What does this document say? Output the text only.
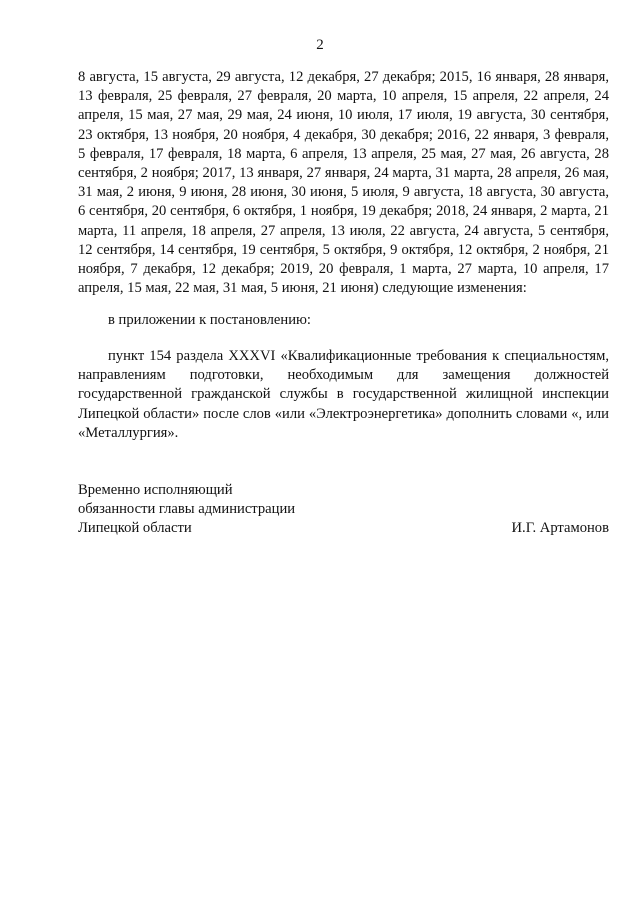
2

8 августа, 15 августа, 29 августа, 12 декабря, 27 декабря; 2015, 16 января, 28 января, 13 февраля, 25 февраля, 27 февраля, 20 марта, 10 апреля, 15 апреля, 22 апреля, 24 апреля, 15 мая, 27 мая, 29 мая, 24 июня, 10 июля, 17 июля, 19 августа, 30 сентября, 23 октября, 13 ноября, 20 ноября, 4 декабря, 30 декабря; 2016, 22 января, 3 февраля, 5 февраля, 17 февраля, 18 марта, 6 апреля, 13 апреля, 25 мая, 27 мая, 26 августа, 28 сентября, 2 ноября; 2017, 13 января, 27 января, 24 марта, 31 марта, 28 апреля, 26 мая, 31 мая, 2 июня, 9 июня, 28 июня, 30 июня, 5 июля, 9 августа, 18 августа, 30 августа, 6 сентября, 20 сентября, 6 октября, 1 ноября, 19 декабря; 2018, 24 января, 2 марта, 21 марта, 11 апреля, 18 апреля, 27 апреля, 13 июля, 22 августа, 24 августа, 5 сентября, 12 сентября, 14 сентября, 19 сентября, 5 октября, 9 октября, 12 октября, 2 ноября, 21 ноября, 7 декабря, 12 декабря; 2019, 20 февраля, 1 марта, 27 марта, 10 апреля, 17 апреля, 15 мая, 22 мая, 31 мая, 5 июня, 21 июня) следующие изменения:

в приложении к постановлению:

пункт 154 раздела XXXVI «Квалификационные требования к специальностям, направлениям подготовки, необходимым для замещения должностей государственной гражданской службы в государственной жилищной инспекции Липецкой области» после слов «или «Электроэнергетика» дополнить словами «, или «Металлургия».

Временно исполняющий
обязанности главы администрации
Липецкой области	И.Г. Артамонов
